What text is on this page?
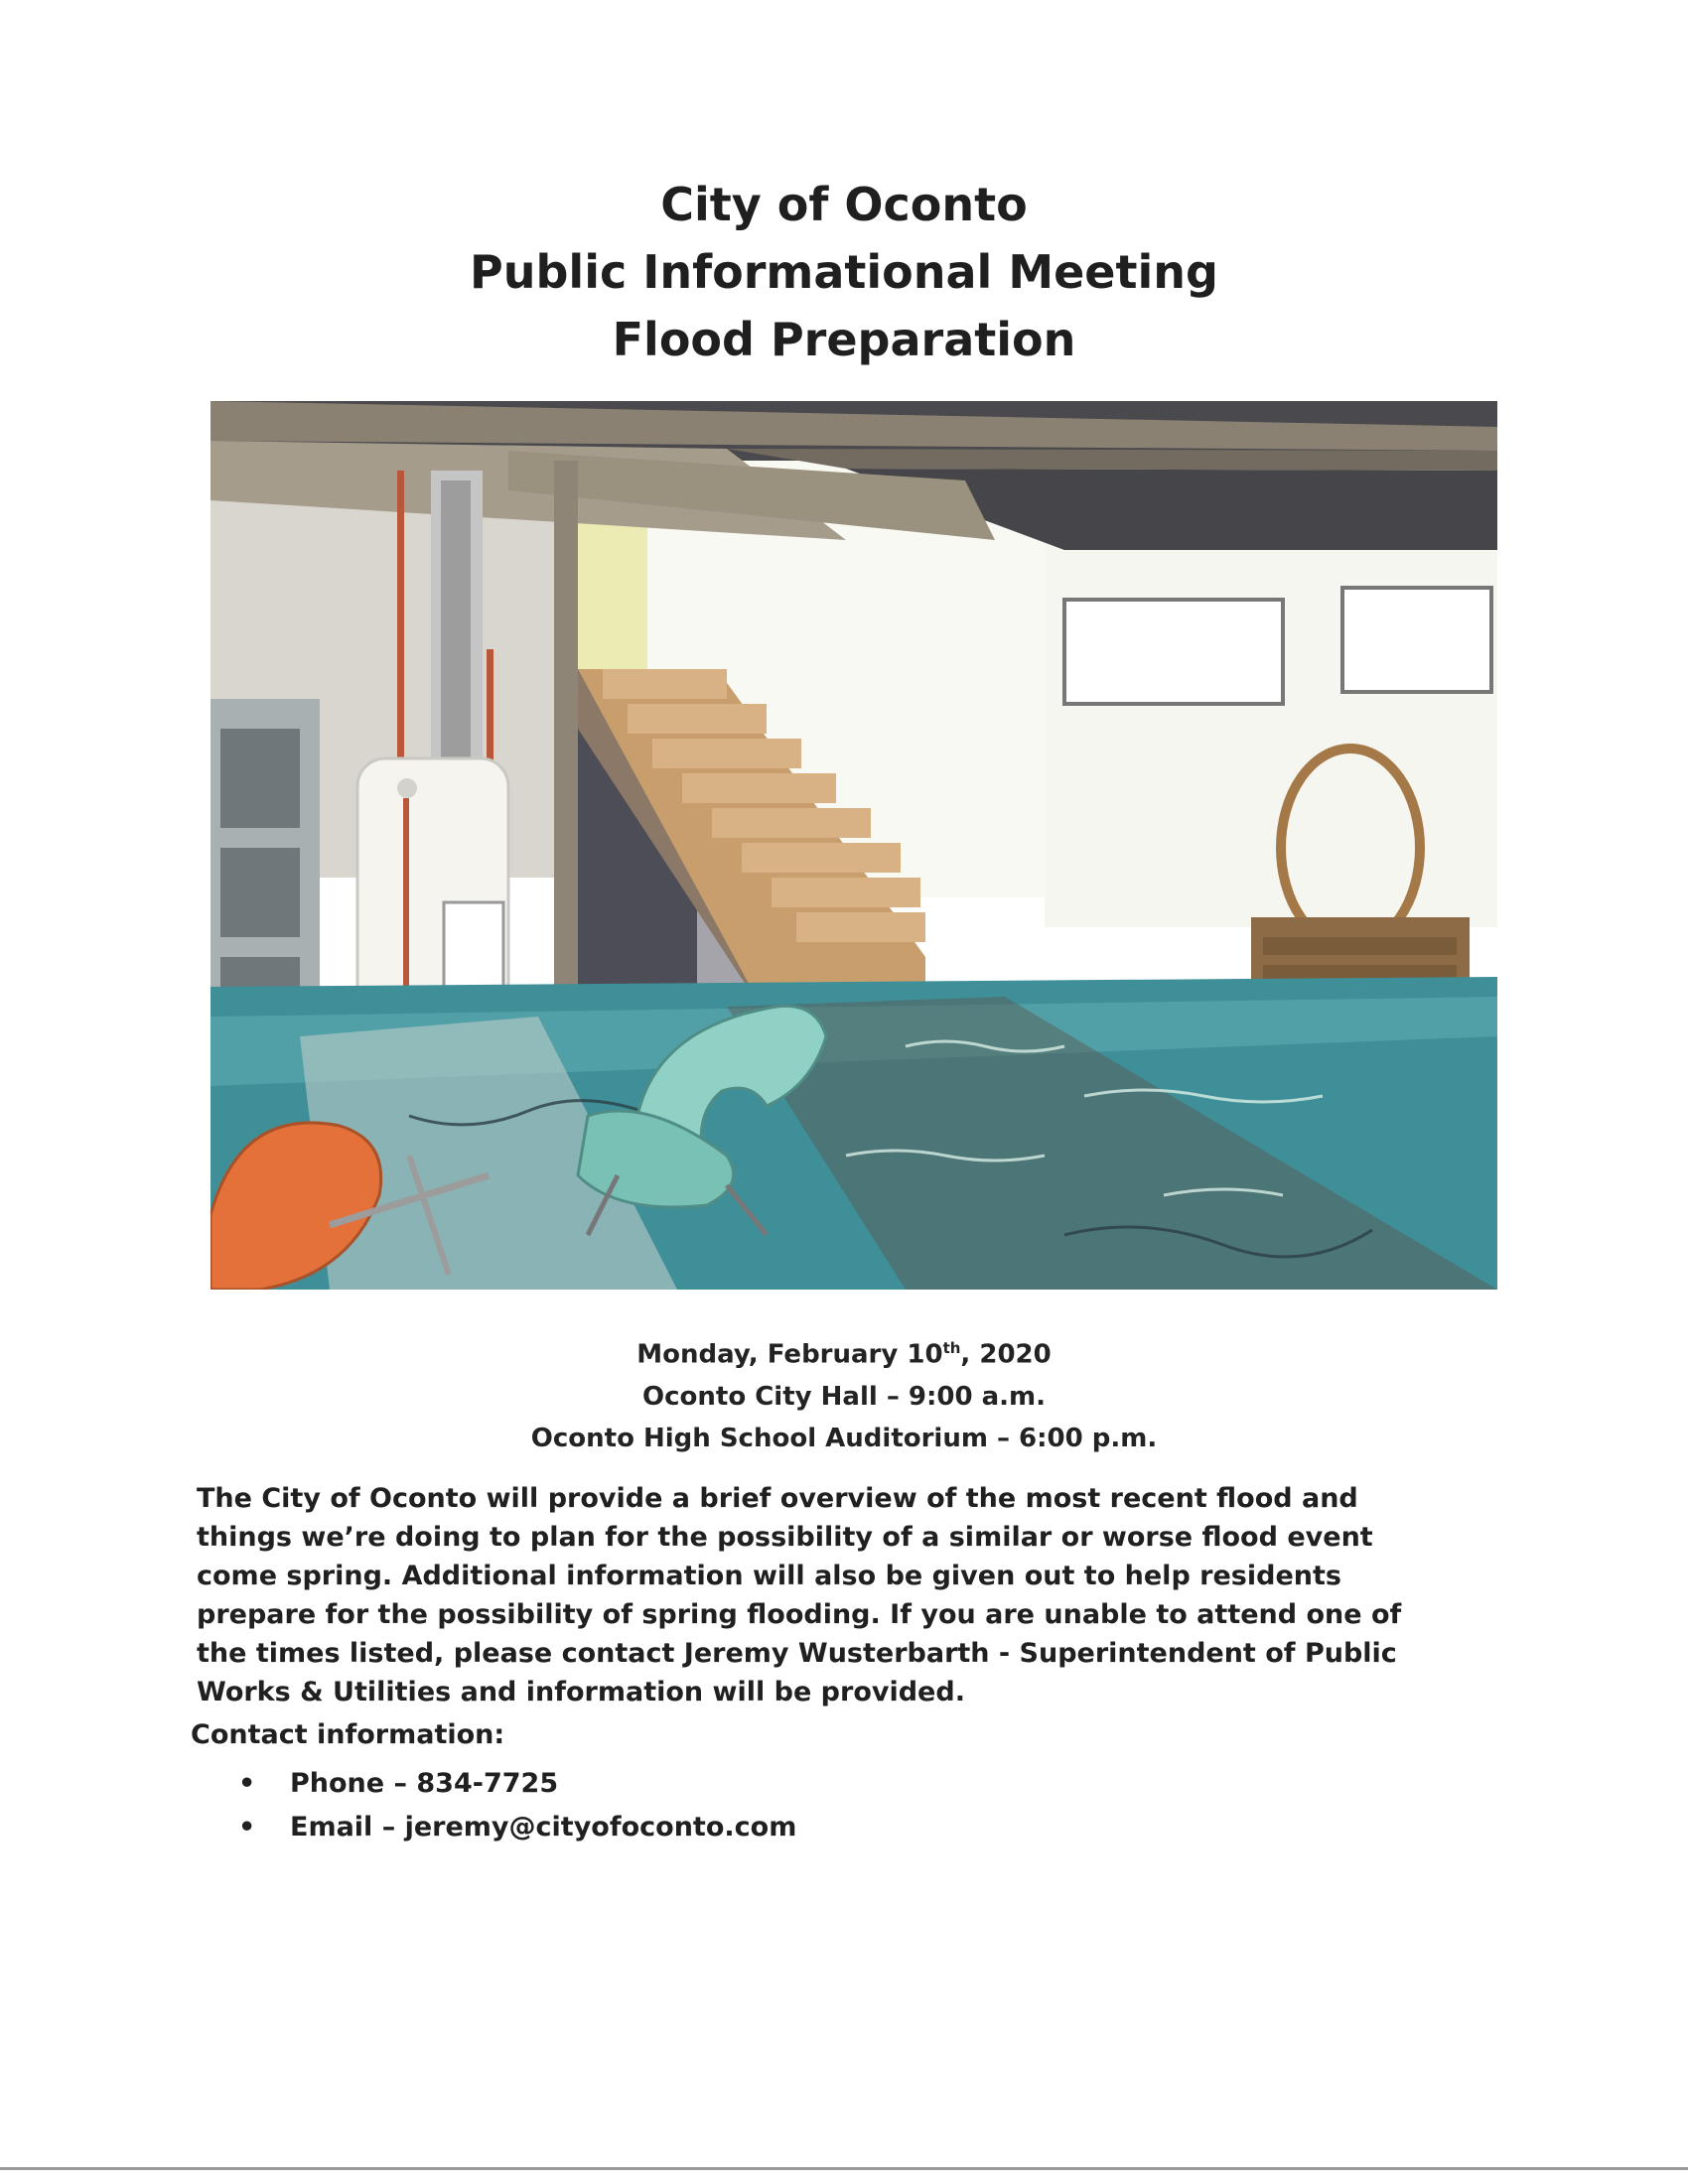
City of Oconto
Public Informational Meeting
Flood Preparation
Monday, February 10th, 2020
Oconto City Hall – 9:00 a.m.
Oconto High School Auditorium – 6:00 p.m.
The City of Oconto will provide a brief overview of the most recent flood and things we’re doing to plan for the possibility of a similar or worse flood event come spring. Additional information will also be given out to help residents prepare for the possibility of spring flooding. If you are unable to attend one of the times listed, please contact Jeremy Wusterbarth - Superintendent of Public Works & Utilities and information will be provided.
Contact information:
• Phone – 834-7725
• Email – jeremy@cityofoconto.com
